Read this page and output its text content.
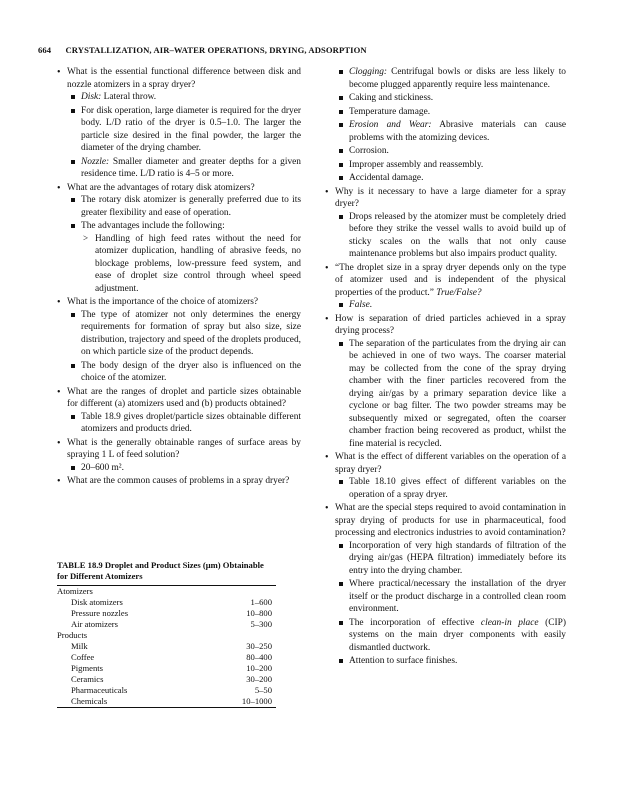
664 CRYSTALLIZATION, AIR–WATER OPERATIONS, DRYING, ADSORPTION

• What is the essential functional difference between disk and nozzle atomizers in a spray dryer?

Disk: Lateral throw.
For disk operation, large diameter is required for the dryer body. L/D ratio of the dryer is 0.5–1.0. The larger the particle size desired in the final powder, the larger the diameter of the drying chamber.
Nozzle: Smaller diameter and greater depths for a given residence time. L/D ratio is 4–5 or more.

• What are the advantages of rotary disk atomizers?

The rotary disk atomizer is generally preferred due to its greater flexibility and ease of operation.
The advantages include the following:
> Handling of high feed rates without the need for atomizer duplication, handling of abrasive feeds, no blockage problems, low-pressure feed system, and ease of droplet size control through wheel speed adjustment.

• What is the importance of the choice of atomizers?

The type of atomizer not only determines the energy requirements for formation of spray but also size, size distribution, trajectory and speed of the droplets produced, on which particle size of the product depends.
The body design of the dryer also is influenced on the choice of the atomizer.

• What are the ranges of droplet and particle sizes obtainable for different (a) atomizers used and (b) products obtained?

Table 18.9 gives droplet/particle sizes obtainable different atomizers and products dried.

• What is the generally obtainable ranges of surface areas by spraying 1 L of feed solution?

20–600 m².

• What are the common causes of problems in a spray dryer?

TABLE 18.9 Droplet and Product Sizes (μm) Obtainable for Different Atomizers

Atomizers	
Disk atomizers	1–600
Pressure nozzles	10–800
Air atomizers	5–300
Products	
Milk	30–250
Coffee	80–400
Pigments	10–200
Ceramics	30–200
Pharmaceuticals	5–50
Chemicals	10–1000
Clogging: Centrifugal bowls or disks are less likely to become plugged apparently require less maintenance.
Caking and stickiness.
Temperature damage.
Erosion and Wear: Abrasive materials can cause problems with the atomizing devices.
Corrosion.
Improper assembly and reassembly.
Accidental damage.

• Why is it necessary to have a large diameter for a spray dryer?

Drops released by the atomizer must be completely dried before they strike the vessel walls to avoid build up of sticky scales on the walls that not only cause maintenance problems but also impairs product quality.

• “The droplet size in a spray dryer depends only on the type of atomizer used and is independent of the physical properties of the product.” True/False?

False.

• How is separation of dried particles achieved in a spray drying process?

The separation of the particulates from the drying air can be achieved in one of two ways. The coarser material may be collected from the cone of the spray drying chamber with the finer particles recovered from the drying air/gas by a primary separation device like a cyclone or bag filter. The two powder streams may be subsequently mixed or segregated, often the coarser chamber fraction being recovered as product, whilst the fine material is recycled.

• What is the effect of different variables on the operation of a spray dryer?

Table 18.10 gives effect of different variables on the operation of a spray dryer.

• What are the special steps required to avoid contamination in spray drying of products for use in pharmaceutical, food processing and electronics industries to avoid contamination?

Incorporation of very high standards of filtration of the drying air/gas (HEPA filtration) immediately before its entry into the drying chamber.
Where practical/necessary the installation of the dryer itself or the product discharge in a controlled clean room environment.
The incorporation of effective clean-in place (CIP) systems on the main dryer components with easily dismantled ductwork.
Attention to surface finishes.
